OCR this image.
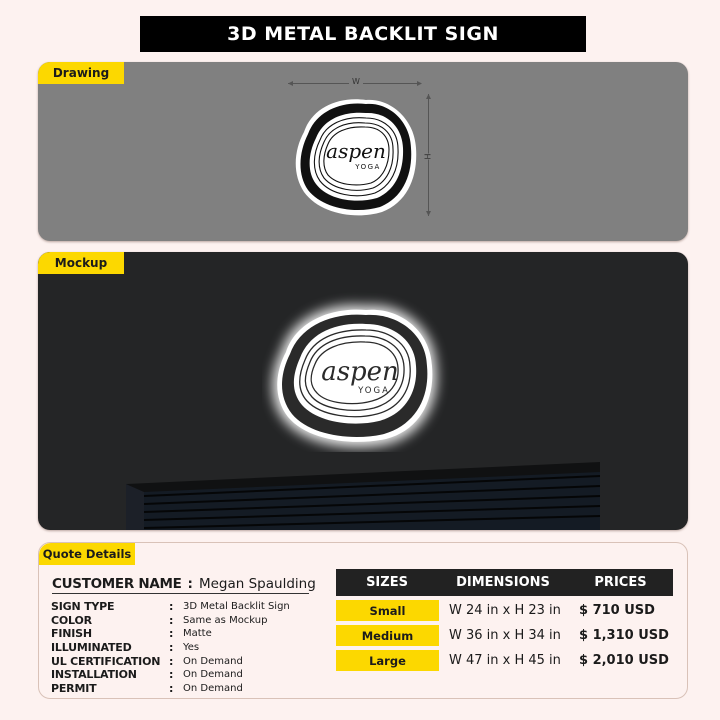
3D METAL BACKLIT SIGN
Drawing
W
H
aspen
YOGA
Mockup
aspen
YOGA
Quote Details
CUSTOMER NAME : Megan Spaulding
SIGN TYPE	: 3D Metal Backlit Sign
COLOR	: Same as Mockup
FINISH	: Matte
ILLUMINATED	: Yes
UL CERTIFICATION : On Demand
INSTALLATION	: On Demand
PERMIT	: On Demand
SIZES	DIMENSIONS	PRICES
Small	W 24 in x H 23 in	$ 710 USD
Medium	W 36 in x H 34 in	$ 1,310 USD
Large	W 47 in x H 45 in	$ 2,010 USD
